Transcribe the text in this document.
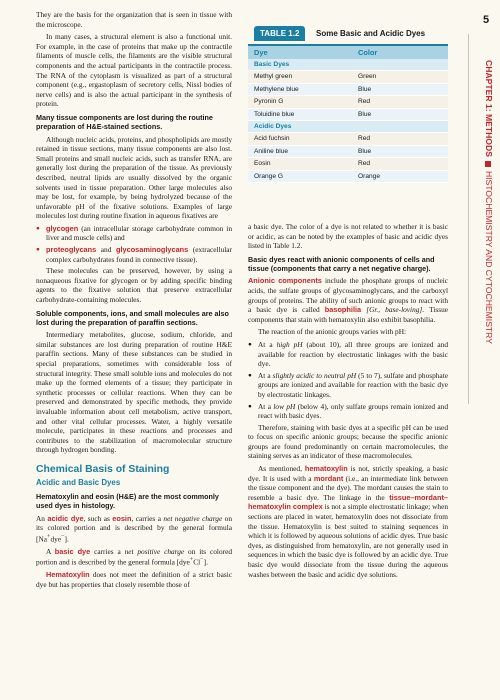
They are the basis for the organization that is seen in tissue with the microscope.

In many cases, a structural element is also a functional unit. For example, in the case of proteins that make up the contractile filaments of muscle cells, the filaments are the visible structural components and the actual participants in the contractile process. The RNA of the cytoplasm is visualized as part of a structural component (e.g., ergastoplasm of secretory cells, Nissl bodies of nerve cells) and is also the actual participant in the synthesis of protein.

Many tissue components are lost during the routine preparation of H&E-stained sections.

Although nucleic acids, proteins, and phospholipids are mostly retained in tissue sections, many tissue components are also lost. Small proteins and small nucleic acids, such as transfer RNA, are generally lost during the preparation of the tissue. As previously described, neutral lipids are usually dissolved by the organic solvents used in tissue preparation. Other large molecules also may be lost, for example, by being hydrolyzed because of the unfavorable pH of the fixative solutions. Examples of large molecules lost during routine fixation in aqueous fixatives are

● glycogen (an intracellular storage carbohydrate common in liver and muscle cells) and
● proteoglycans and glycosaminoglycans (extracellular complex carbohydrates found in connective tissue).

These molecules can be preserved, however, by using a nonaqueous fixative for glycogen or by adding specific binding agents to the fixative solution that preserve extracellular carbohydrate-containing molecules.

Soluble components, ions, and small molecules are also lost during the preparation of paraffin sections.

Intermediary metabolites, glucose, sodium, chloride, and similar substances are lost during preparation of routine H&E paraffin sections. Many of these substances can be studied in special preparations, sometimes with considerable loss of structural integrity. These small soluble ions and molecules do not make up the formed elements of a tissue; they participate in synthetic processes or cellular reactions. When they can be preserved and demonstrated by specific methods, they provide invaluable information about cell metabolism, active transport, and other vital cellular processes. Water, a highly versatile molecule, participates in these reactions and processes and contributes to the stabilization of macromolecular structure through hydrogen bonding.

Chemical Basis of Staining
Acidic and Basic Dyes
Hematoxylin and eosin (H&E) are the most commonly used dyes in histology.

An acidic dye, such as eosin, carries a net negative charge on its colored portion and is described by the general formula [Na+dye−].

A basic dye carries a net positive charge on its colored portion and is described by the general formula [dye+Cl−].

Hematoxylin does not meet the definition of a strict basic dye but has properties that closely resemble those of

TABLE 1.2	Some Basic and Acidic Dyes
Dye	Color
Basic Dyes
Methyl green	Green
Methylene blue	Blue
Pyronin G	Red
Toluidine blue	Blue
Acidic Dyes
Acid fuchsin	Red
Aniline blue	Blue
Eosin	Red
Orange G	Orange

a basic dye. The color of a dye is not related to whether it is basic or acidic, as can be noted by the examples of basic and acidic dyes listed in Table 1.2.

Basic dyes react with anionic components of cells and tissue (components that carry a net negative charge).

Anionic components include the phosphate groups of nucleic acids, the sulfate groups of glycosaminoglycans, and the carboxyl groups of proteins. The ability of such anionic groups to react with a basic dye is called basophilia [Gr., base-loving]. Tissue components that stain with hematoxylin also exhibit basophilia.

The reaction of the anionic groups varies with pH:

● At a high pH (about 10), all three groups are ionized and available for reaction by electrostatic linkages with the basic dye.
● At a slightly acidic to neutral pH (5 to 7), sulfate and phosphate groups are ionized and available for reaction with the basic dye by electrostatic linkages.
● At a low pH (below 4), only sulfate groups remain ionized and react with basic dyes.

Therefore, staining with basic dyes at a specific pH can be used to focus on specific anionic groups; because the specific anionic groups are found predominantly on certain macromolecules, the staining serves as an indicator of these macromolecules.

As mentioned, hematoxylin is not, strictly speaking, a basic dye. It is used with a mordant (i.e., an intermediate link between the tissue component and the dye). The mordant causes the stain to resemble a basic dye. The linkage in the tissue–mordant–hematoxylin complex is not a simple electrostatic linkage; when sections are placed in water, hematoxylin does not dissociate from the tissue. Hematoxylin is best suited to staining sequences in which it is followed by aqueous solutions of acidic dyes. True basic dyes, as distinguished from hematoxylin, are not generally used in sequences in which the basic dye is followed by an acidic dye. True basic dye would dissociate from the tissue during the aqueous washes between the basic and acidic dye solutions.

5
CHAPTER 1: METHODSHISTOCHEMISTRY AND CYTOCHEMISTRY
